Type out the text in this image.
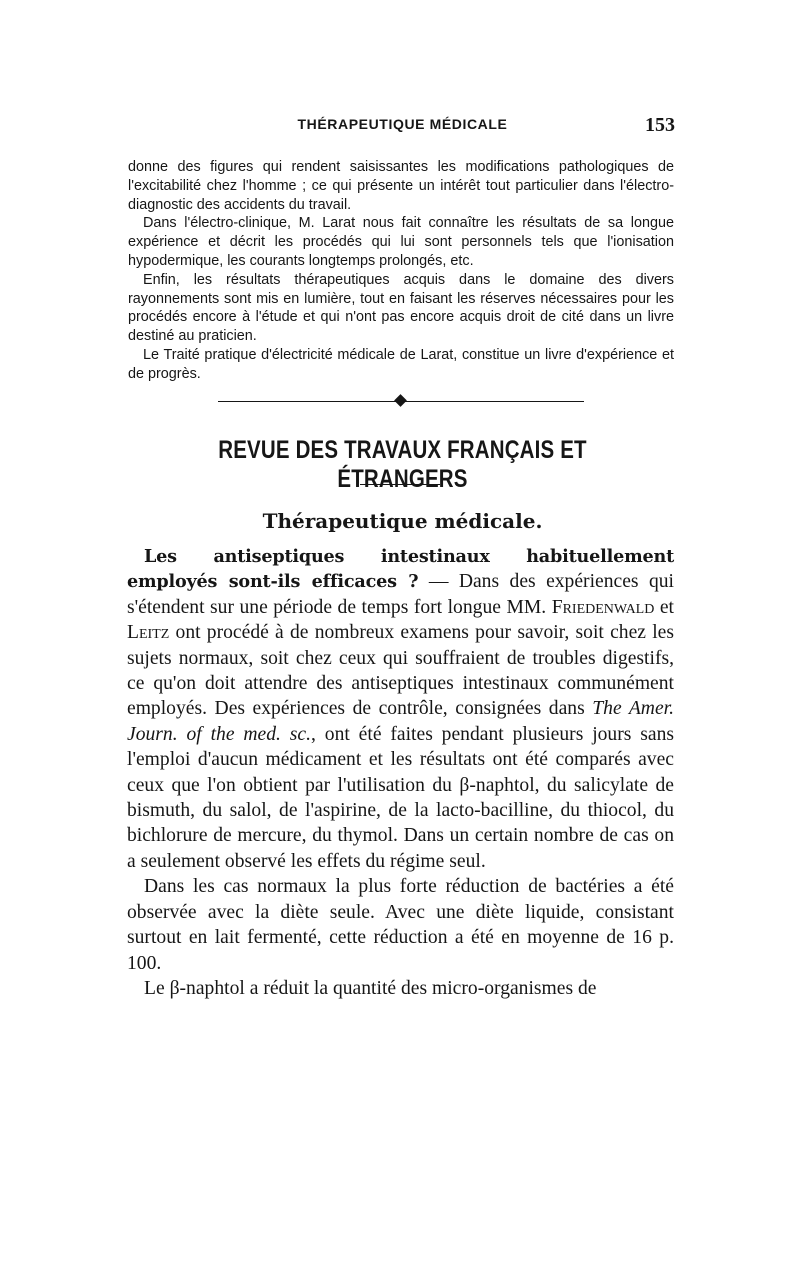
THÉRAPEUTIQUE MÉDICALE	153

donne des figures qui rendent saisissantes les modifications pathologiques de l'excitabilité chez l'homme ; ce qui présente un intérêt tout particulier dans l'électro-diagnostic des accidents du travail.

Dans l'électro-clinique, M. Larat nous fait connaître les résultats de sa longue expérience et décrit les procédés qui lui sont personnels tels que l'ionisation hypodermique, les courants longtemps prolongés, etc.

Enfin, les résultats thérapeutiques acquis dans le domaine des divers rayonnements sont mis en lumière, tout en faisant les réserves nécessaires pour les procédés encore à l'étude et qui n'ont pas encore acquis droit de cité dans un livre destiné au praticien.

Le Traité pratique d'électricité médicale de Larat, constitue un livre d'expérience et de progrès.

REVUE DES TRAVAUX FRANÇAIS ET ÉTRANGERS
Thérapeutique médicale.

Les antiseptiques intestinaux habituellement employés sont-ils efficaces ? — Dans des expériences qui s'étendent sur une période de temps fort longue MM. Friedenwald et Leitz ont procédé à de nombreux examens pour savoir, soit chez les sujets normaux, soit chez ceux qui souffraient de troubles digestifs, ce qu'on doit attendre des antiseptiques intestinaux communément employés. Des expériences de contrôle, consignées dans The Amer. Journ. of the med. sc., ont été faites pendant plusieurs jours sans l'emploi d'aucun médicament et les résultats ont été comparés avec ceux que l'on obtient par l'utilisation du β-naphtol, du salicylate de bismuth, du salol, de l'aspirine, de la lacto-bacilline, du thiocol, du bichlorure de mercure, du thymol. Dans un certain nombre de cas on a seulement observé les effets du régime seul.

Dans les cas normaux la plus forte réduction de bactéries a été observée avec la diète seule. Avec une diète liquide, consistant surtout en lait fermenté, cette réduction a été en moyenne de 16 p. 100.

Le β-naphtol a réduit la quantité des micro-organismes de
